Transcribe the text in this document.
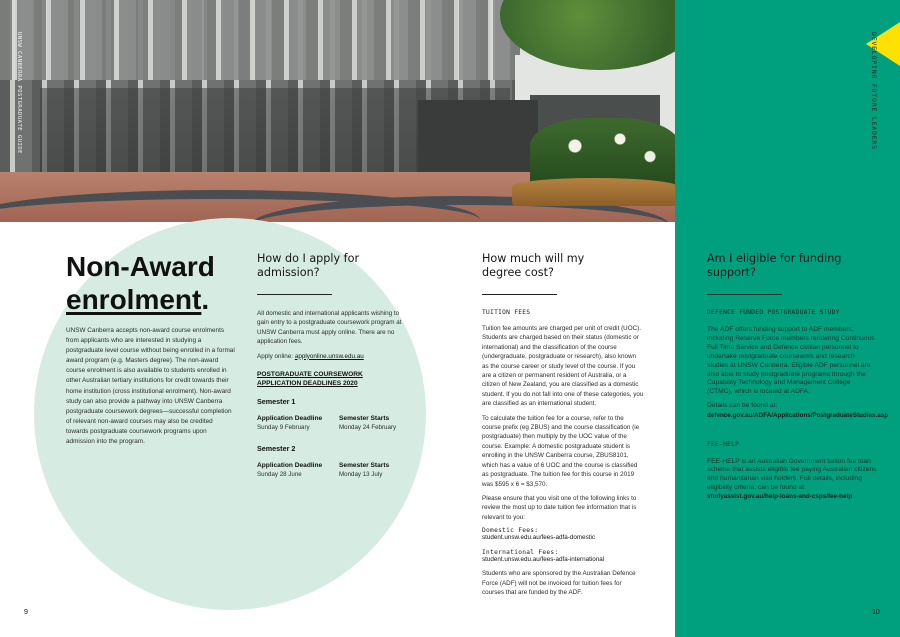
UNSW CANBERRA POSTGRADUATE GUIDE
Am I eligible for funding support?
DEFENCE FUNDED POSTGRADUATE STUDY
The ADF offers funding support to ADF members, including Reserve Force members rendering Continuous Full Time Service and Defence civilian personnel to undertake postgraduate coursework and research studies at UNSW Canberra. Eligible ADF personnel are also able to study postgraduate programs through the Capability Technology and Management College (CTMC), which is located at ADFA.
Details can be found at:
defence.gov.au/ADFA/Applications/PostgraduateStudies.asp
FEE-HELP
FEE-HELP is an Australian Government tuition fee loan scheme that assists eligible fee paying Australian citizens and humanitarian visa holders. Full details, including eligibility criteria, can be found at:
studyassist.gov.au/help-loans-and-csps/fee-help
DEVELOPING FUTURE LEADERS
Non-Award
enrolment.
UNSW Canberra accepts non-award course enrolments from applicants who are interested in studying a postgraduate level course without being enrolled in a formal award program (e.g. Masters degree). The non-award course enrolment is also available to students enrolled in other Australian tertiary institutions for credit towards their home institution (cross institutional enrolment). Non-award study can also provide a pathway into UNSW Canberra postgraduate coursework degrees—successful completion of relevant non-award courses may also be credited towards postgraduate coursework programs upon admission into the program.
How do I apply for admission?
All domestic and international applicants wishing to gain entry to a postgraduate coursework program at UNSW Canberra must apply online. There are no application fees.
Apply online: applyonline.unsw.edu.au
POSTGRADUATE COURSEWORK APPLICATION DEADLINES 2020
Semester 1
Application Deadline
Sunday 9 February
Semester Starts
Monday 24 February
Semester 2
Application Deadline
Sunday 28 June
Semester Starts
Monday 13 July
How much will my degree cost?
TUITION FEES
Tuition fee amounts are charged per unit of credit (UOC). Students are charged based on their status (domestic or international) and the classification of the course (undergraduate, postgraduate or research), also known as the course career or study level of the course. If you are a citizen or permanent resident of Australia, or a citizen of New Zealand, you are classified as a domestic student. If you do not fall into one of these categories, you are classified as an international student.
To calculate the tuition fee for a course, refer to the course prefix (eg ZBUS) and the course classification (ie postgraduate) then multiply by the UOC value of the course. Example: A domestic postgraduate student is enrolling in the UNSW Canberra course, ZBUS8101, which has a value of 6 UOC and the course is classified as postgraduate. The tuition fee for this course in 2019 was $595 x 6 = $3,570.
Please ensure that you visit one of the following links to review the most up to date tuition fee information that is relevant to you:
Domestic Fees:
student.unsw.edu.au/fees-adfa-domestic
International Fees:
student.unsw.edu.au/fees-adfa-international
Students who are sponsored by the Australian Defence Force (ADF) will not be invoiced for tuition fees for courses that are funded by the ADF.
9	10
